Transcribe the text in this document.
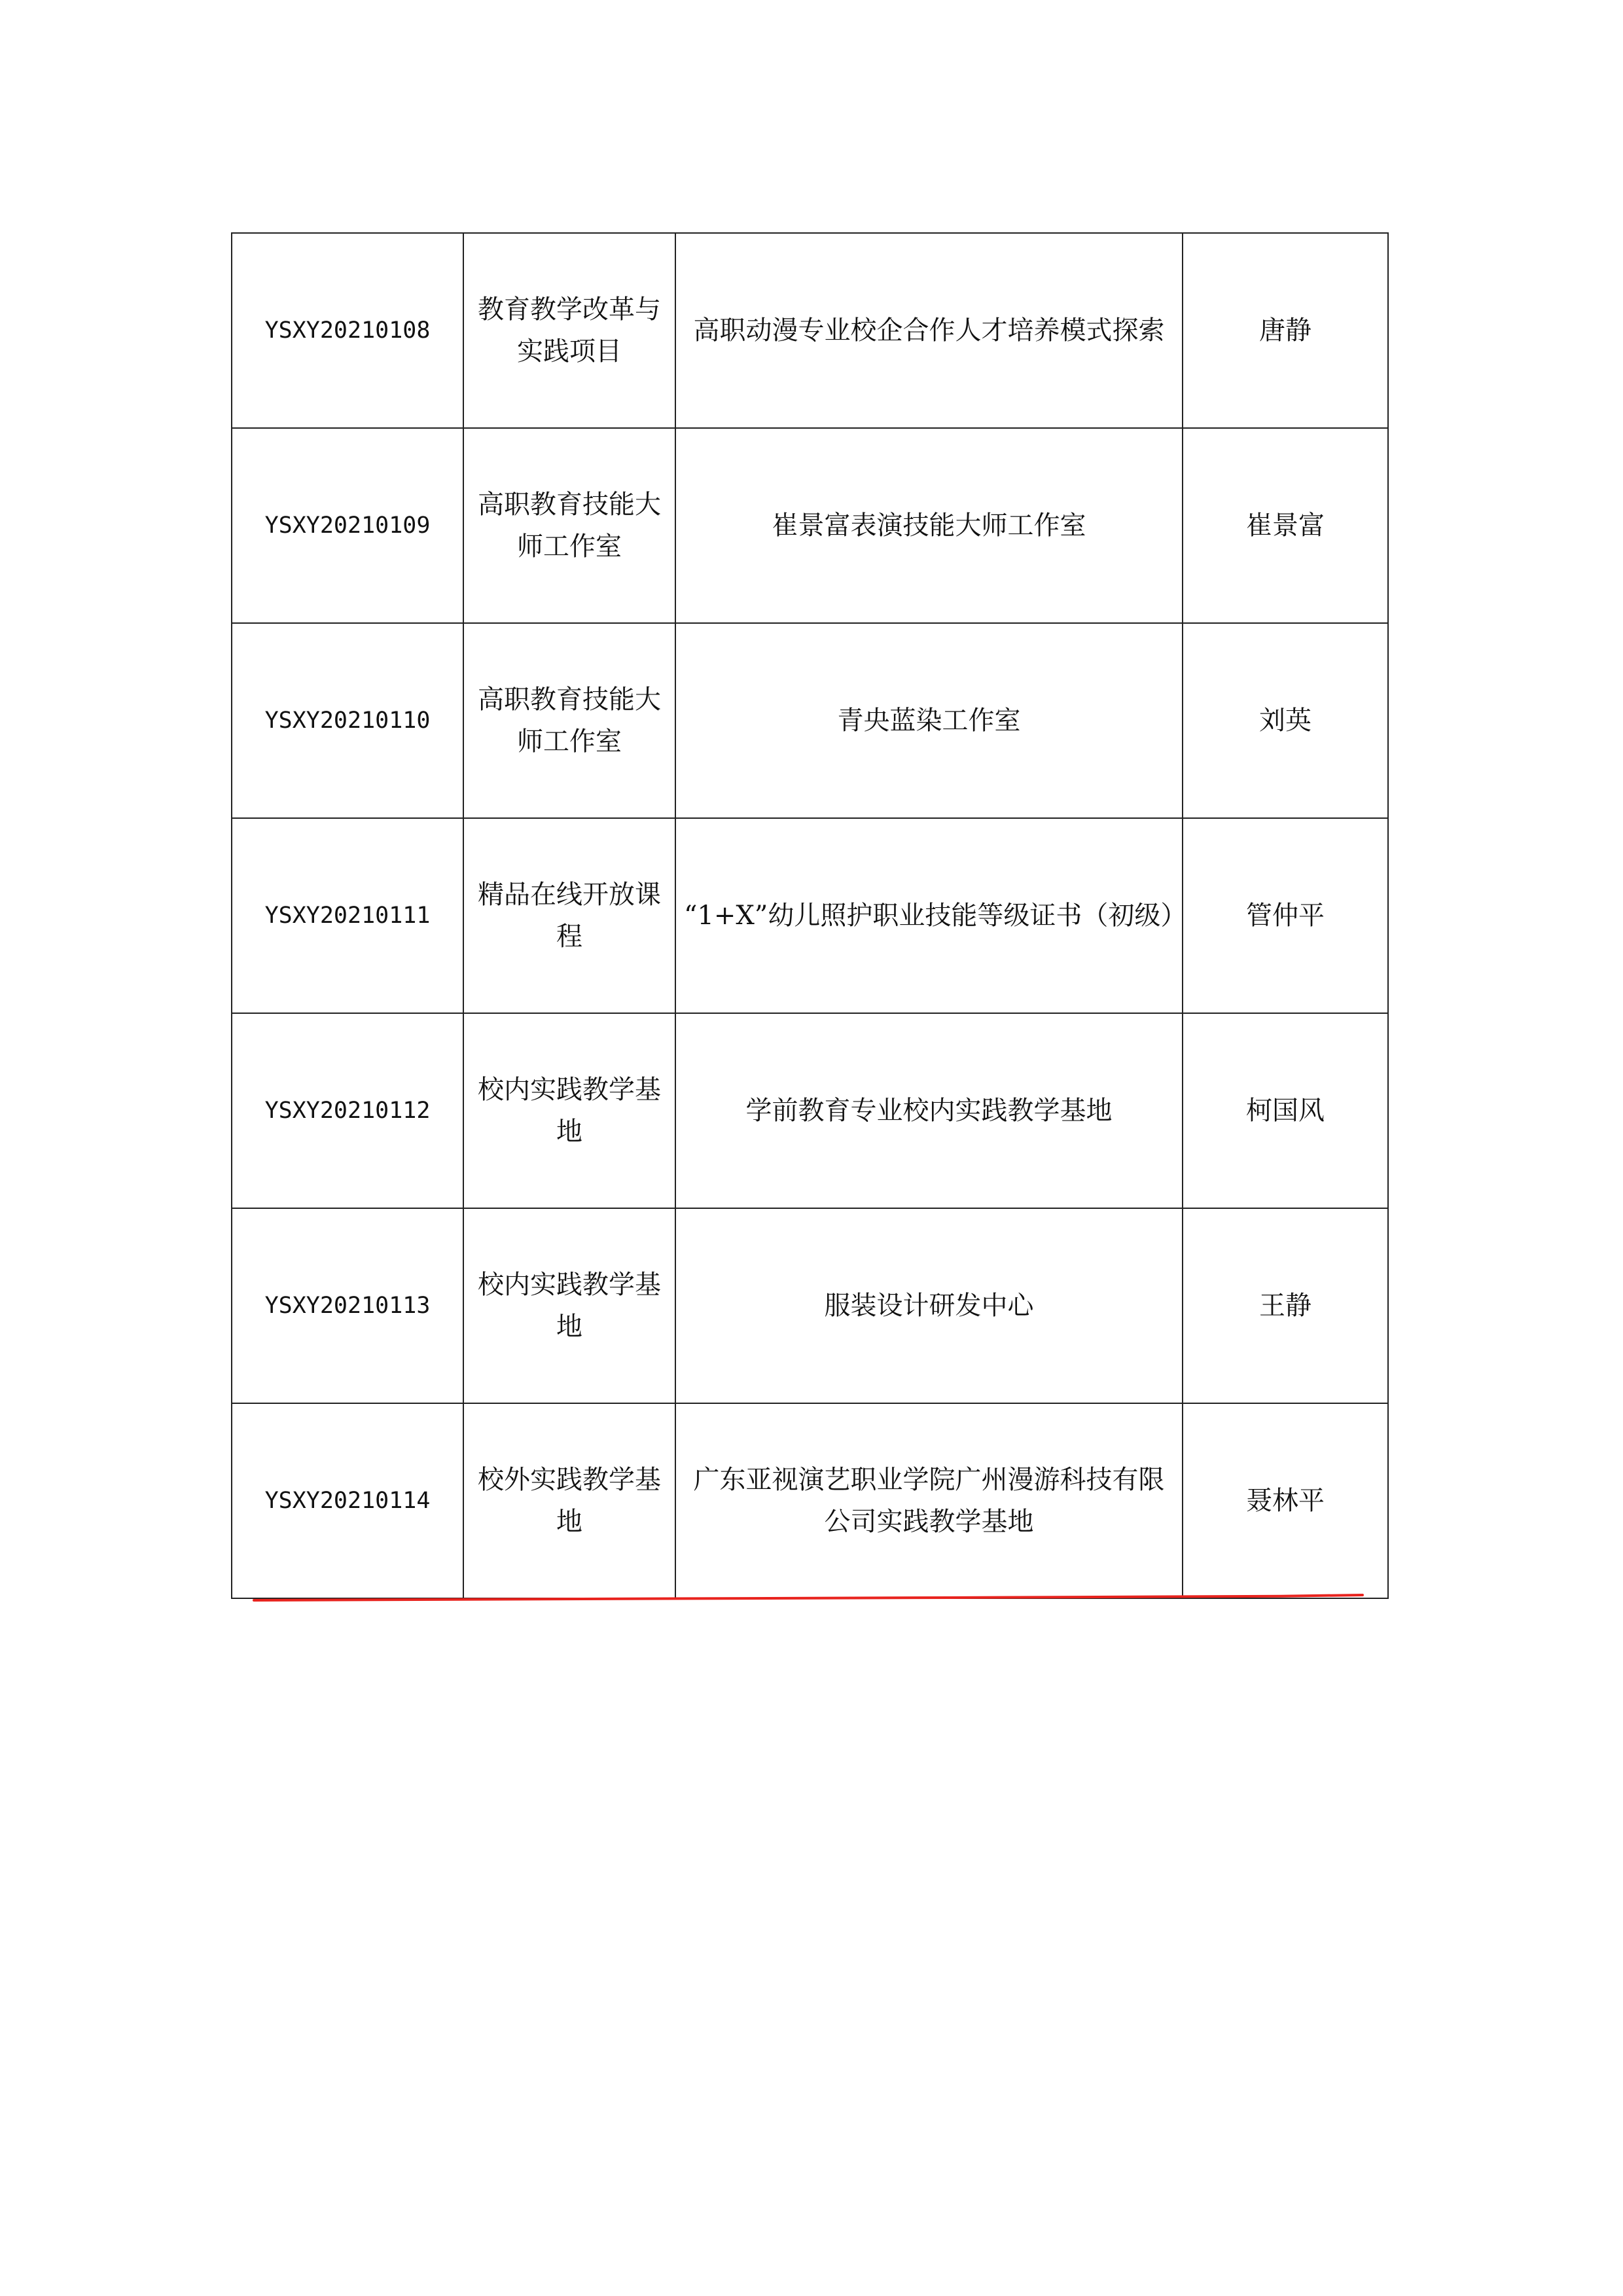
YSXY20210108	教育教学改革与实践项目	高职动漫专业校企合作人才培养模式探索	唐静
YSXY20210109	高职教育技能大师工作室	崔景富表演技能大师工作室	崔景富
YSXY20210110	高职教育技能大师工作室	青央蓝染工作室	刘英
YSXY20210111	精品在线开放课程	“1+X”幼儿照护职业技能等级证书（初级）	管仲平
YSXY20210112	校内实践教学基地	学前教育专业校内实践教学基地	柯国风
YSXY20210113	校内实践教学基地	服装设计研发中心	王静
YSXY20210114	校外实践教学基地	广东亚视演艺职业学院广州漫游科技有限公司实践教学基地	聂林平
